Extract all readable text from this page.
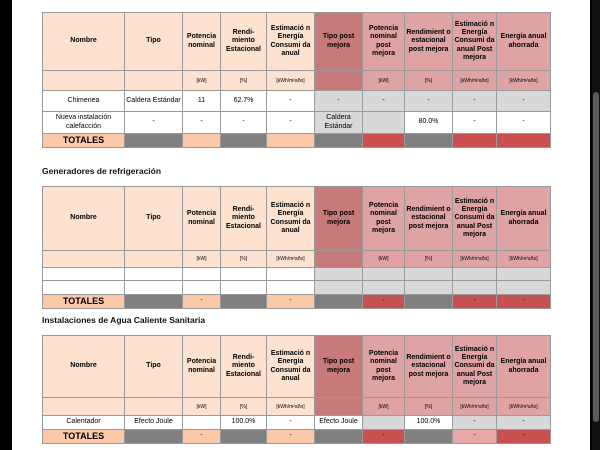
Nombre	Tipo	Potencia nominal	Rendi-miento Estacional	Estimació n Energía Consumi da anual	Tipo post mejora	Potencia nominal post mejora	Rendimient o estacional post mejora	Estimació n Energía Consumi da anual Post mejora	Energía anual ahorrada
		[kW]	[%]	[kWh/m²año]		[kW]	[%]	[kWh/m²año]	[kWh/m²año]
Chimenea	Caldera Estándar	11	62.7%	-	-	-	-	-	-
Nueva instalación calefacción	-	-	-	-	Caldera Estándar		80.0%	-	-
TOTALES									
Generadores de refrigeración
Nombre	Tipo	Potencia nominal	Rendi-miento Estacional	Estimació n Energía Consumi da anual	Tipo post mejora	Potencia nominal post mejora	Rendimient o estacional post mejora	Estimació n Energía Consumi da anual Post mejora	Energía anual ahorrada
		[kW]	[%]	[kWh/m²año]		[kW]	[%]	[kWh/m²año]	[kWh/m²año]

TOTALES		-		-		-		-	-
Instalaciones de Agua Caliente Sanitaria
Nombre	Tipo	Potencia nominal	Rendi-miento Estacional	Estimació n Energía Consumi da anual	Tipo post mejora	Potencia nominal post mejora	Rendimient o estacional post mejora	Estimació n Energía Consumi da anual Post mejora	Energía anual ahorrada
		[kW]	[%]	[kWh/m²año]		[kW]	[%]	[kWh/m²año]	[kWh/m²año]
Calentador	Efecto Joule		100.0%	-	Efecto Joule		100.0%	-	-
TOTALES		-		-		-		-	-
